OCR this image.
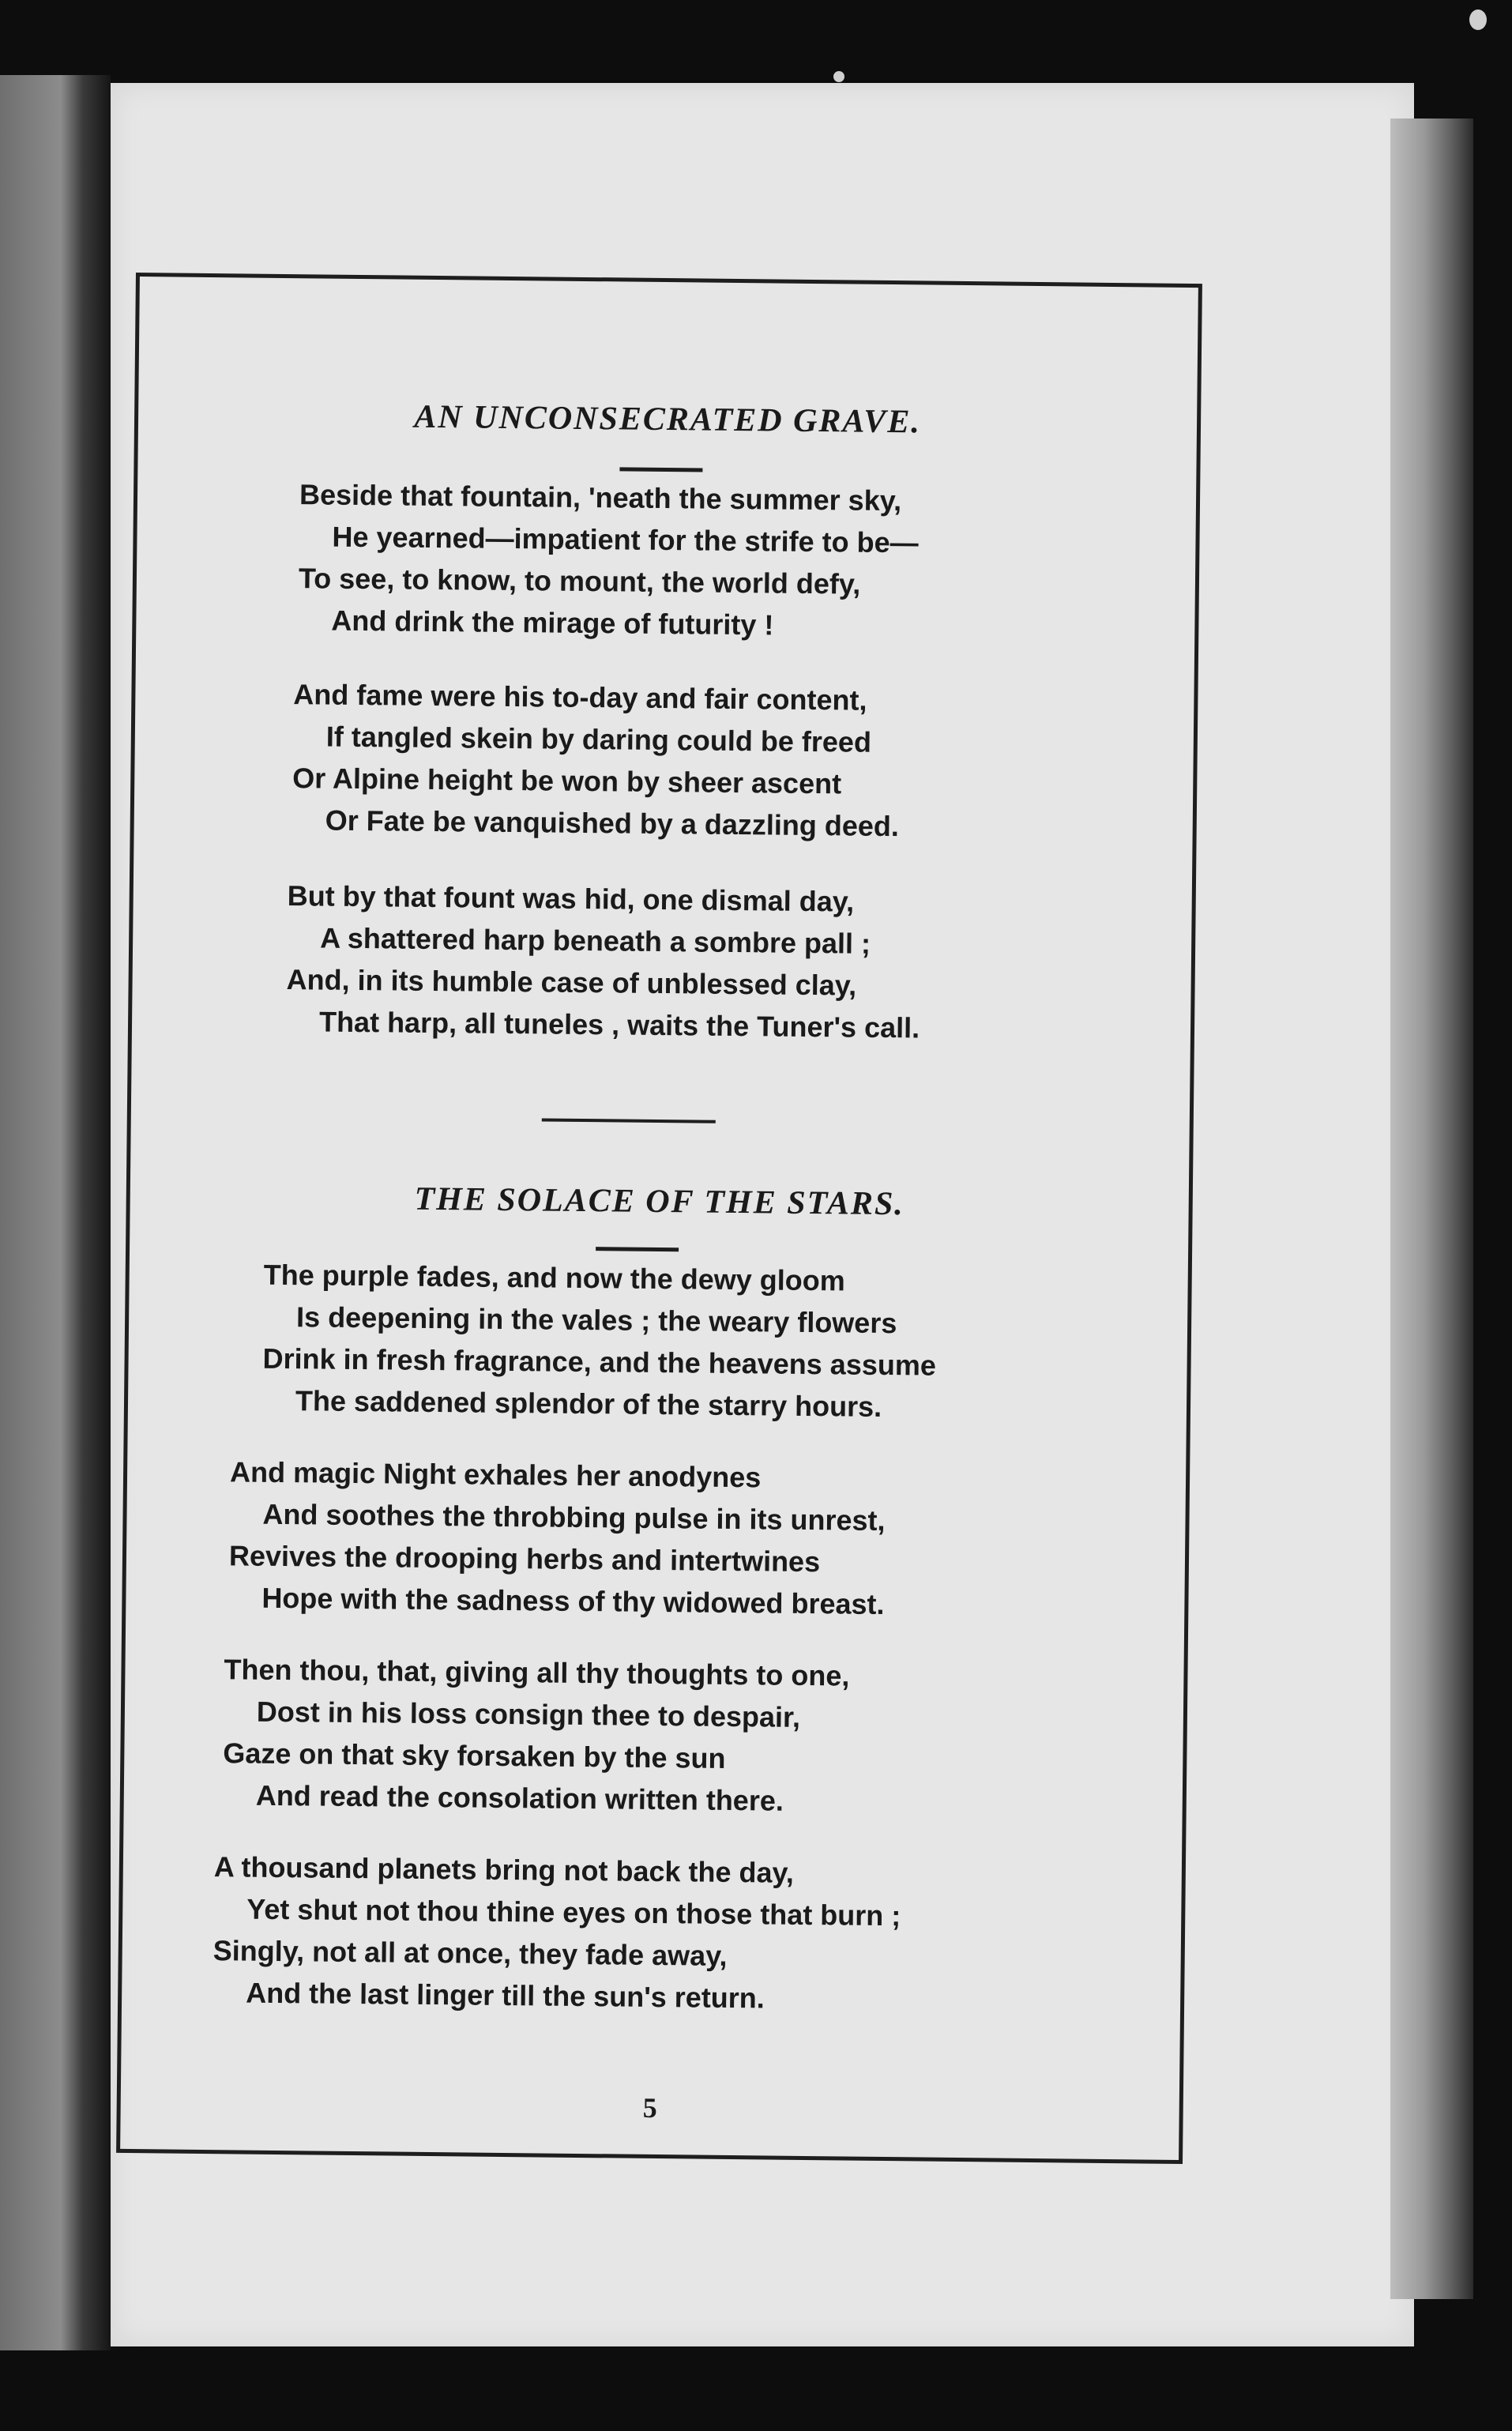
AN UNCONSECRATED GRAVE.
Beside that fountain, 'neath the summer sky,
He yearned—impatient for the strife to be—
To see, to know, to mount, the world defy,
And drink the mirage of futurity !
And fame were his to-day and fair content,
If tangled skein by daring could be freed
Or Alpine height be won by sheer ascent
Or Fate be vanquished by a dazzling deed.
But by that fount was hid, one dismal day,
A shattered harp beneath a sombre pall ;
And, in its humble case of unblessed clay,
That harp, all tuneles , waits the Tuner's call.
THE SOLACE OF THE STARS.
The purple fades, and now the dewy gloom
Is deepening in the vales ; the weary flowers
Drink in fresh fragrance, and the heavens assume
The saddened splendor of the starry hours.
And magic Night exhales her anodynes
And soothes the throbbing pulse in its unrest,
Revives the drooping herbs and intertwines
Hope with the sadness of thy widowed breast.
Then thou, that, giving all thy thoughts to one,
Dost in his loss consign thee to despair,
Gaze on that sky forsaken by the sun
And read the consolation written there.
A thousand planets bring not back the day,
Yet shut not thou thine eyes on those that burn ;
Singly, not all at once, they fade away,
And the last linger till the sun's return.
5
